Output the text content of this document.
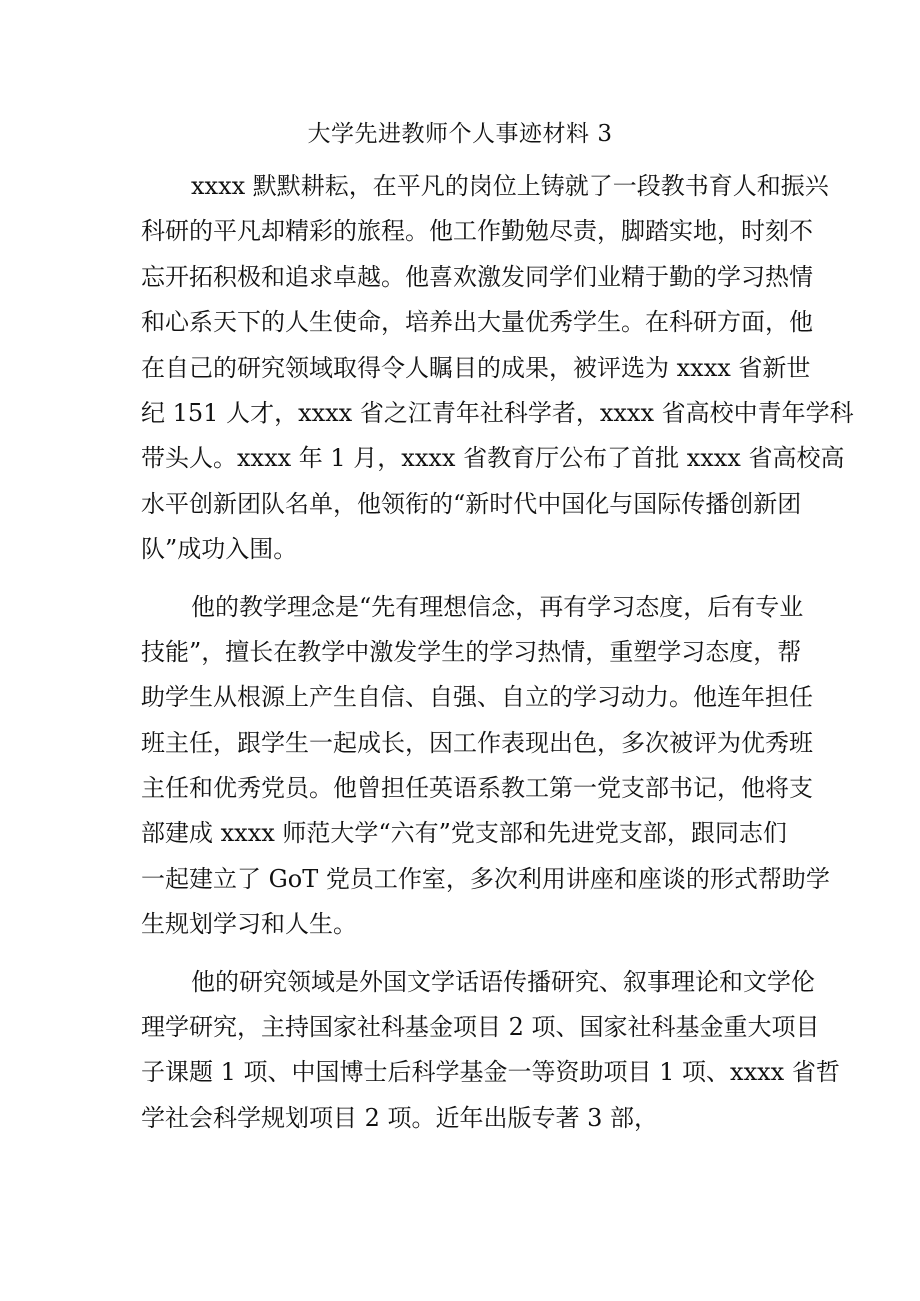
大学先进教师个人事迹材料 3
xxxx 默默耕耘，在平凡的岗位上铸就了一段教书育人和振兴
科研的平凡却精彩的旅程。他工作勤勉尽责，脚踏实地，时刻不
忘开拓积极和追求卓越。他喜欢激发同学们业精于勤的学习热情
和心系天下的人生使命，培养出大量优秀学生。在科研方面，他
在自己的研究领域取得令人瞩目的成果，被评选为 xxxx 省新世
纪 151 人才，xxxx 省之江青年社科学者，xxxx 省高校中青年学科
带头人。xxxx 年 1 月，xxxx 省教育厅公布了首批 xxxx 省高校高
水平创新团队名单，他领衔的“新时代中国化与国际传播创新团
队”成功入围。
他的教学理念是“先有理想信念，再有学习态度，后有专业
技能”，擅长在教学中激发学生的学习热情，重塑学习态度，帮
助学生从根源上产生自信、自强、自立的学习动力。他连年担任
班主任，跟学生一起成长，因工作表现出色，多次被评为优秀班
主任和优秀党员。他曾担任英语系教工第一党支部书记，他将支
部建成 xxxx 师范大学“六有”党支部和先进党支部，跟同志们
一起建立了 GoT 党员工作室，多次利用讲座和座谈的形式帮助学
生规划学习和人生。
他的研究领域是外国文学话语传播研究、叙事理论和文学伦
理学研究，主持国家社科基金项目 2 项、国家社科基金重大项目
子课题 1 项、中国博士后科学基金一等资助项目 1 项、xxxx 省哲
学社会科学规划项目 2 项。近年出版专著 3 部，
